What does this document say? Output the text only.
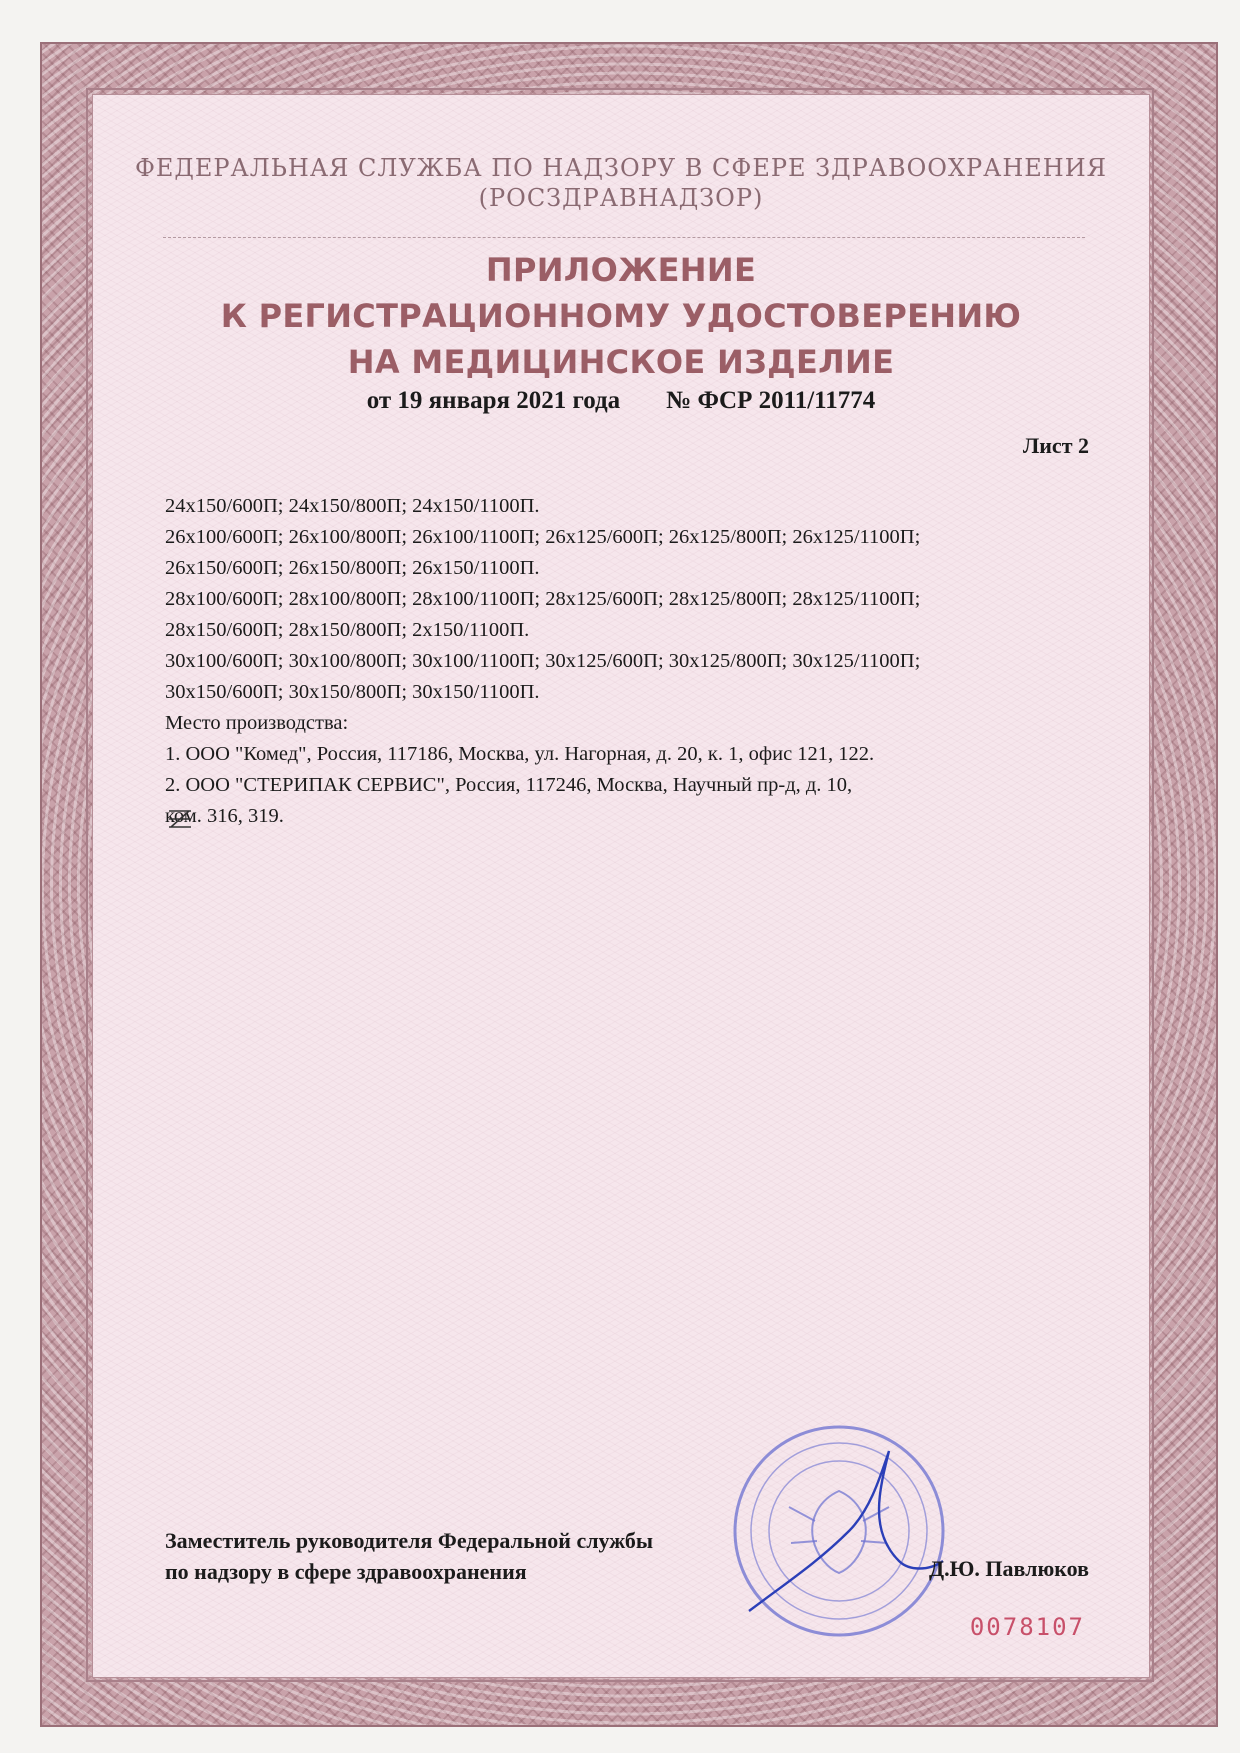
ФЕДЕРАЛЬНАЯ СЛУЖБА ПО НАДЗОРУ В СФЕРЕ ЗДРАВООХРАНЕНИЯ
(РОСЗДРАВНАДЗОР)
ПРИЛОЖЕНИЕ
К РЕГИСТРАЦИОННОМУ УДОСТОВЕРЕНИЮ
НА МЕДИЦИНСКОЕ ИЗДЕЛИЕ
от 19 января 2021 года № ФСР 2011/11774
Лист 2
24х150/600П; 24х150/800П; 24х150/1100П.
26х100/600П; 26х100/800П; 26х100/1100П; 26х125/600П; 26х125/800П; 26х125/1100П;
26х150/600П; 26х150/800П; 26х150/1100П.
28х100/600П; 28х100/800П; 28х100/1100П; 28х125/600П; 28х125/800П; 28х125/1100П;
28х150/600П; 28х150/800П; 2х150/1100П.
30х100/600П; 30х100/800П; 30х100/1100П; 30х125/600П; 30х125/800П; 30х125/1100П;
30х150/600П; 30х150/800П; 30х150/1100П.
Место производства:
1. ООО "Комед", Россия, 117186, Москва, ул. Нагорная, д. 20, к. 1, офис 121, 122.
2. ООО "СТЕРИПАК СЕРВИС", Россия, 117246, Москва, Научный пр-д, д. 10,
ком. 316, 319.
Заместитель руководителя Федеральной службы
по надзору в сфере здравоохранения	Д.Ю. Павлюков
0078107
